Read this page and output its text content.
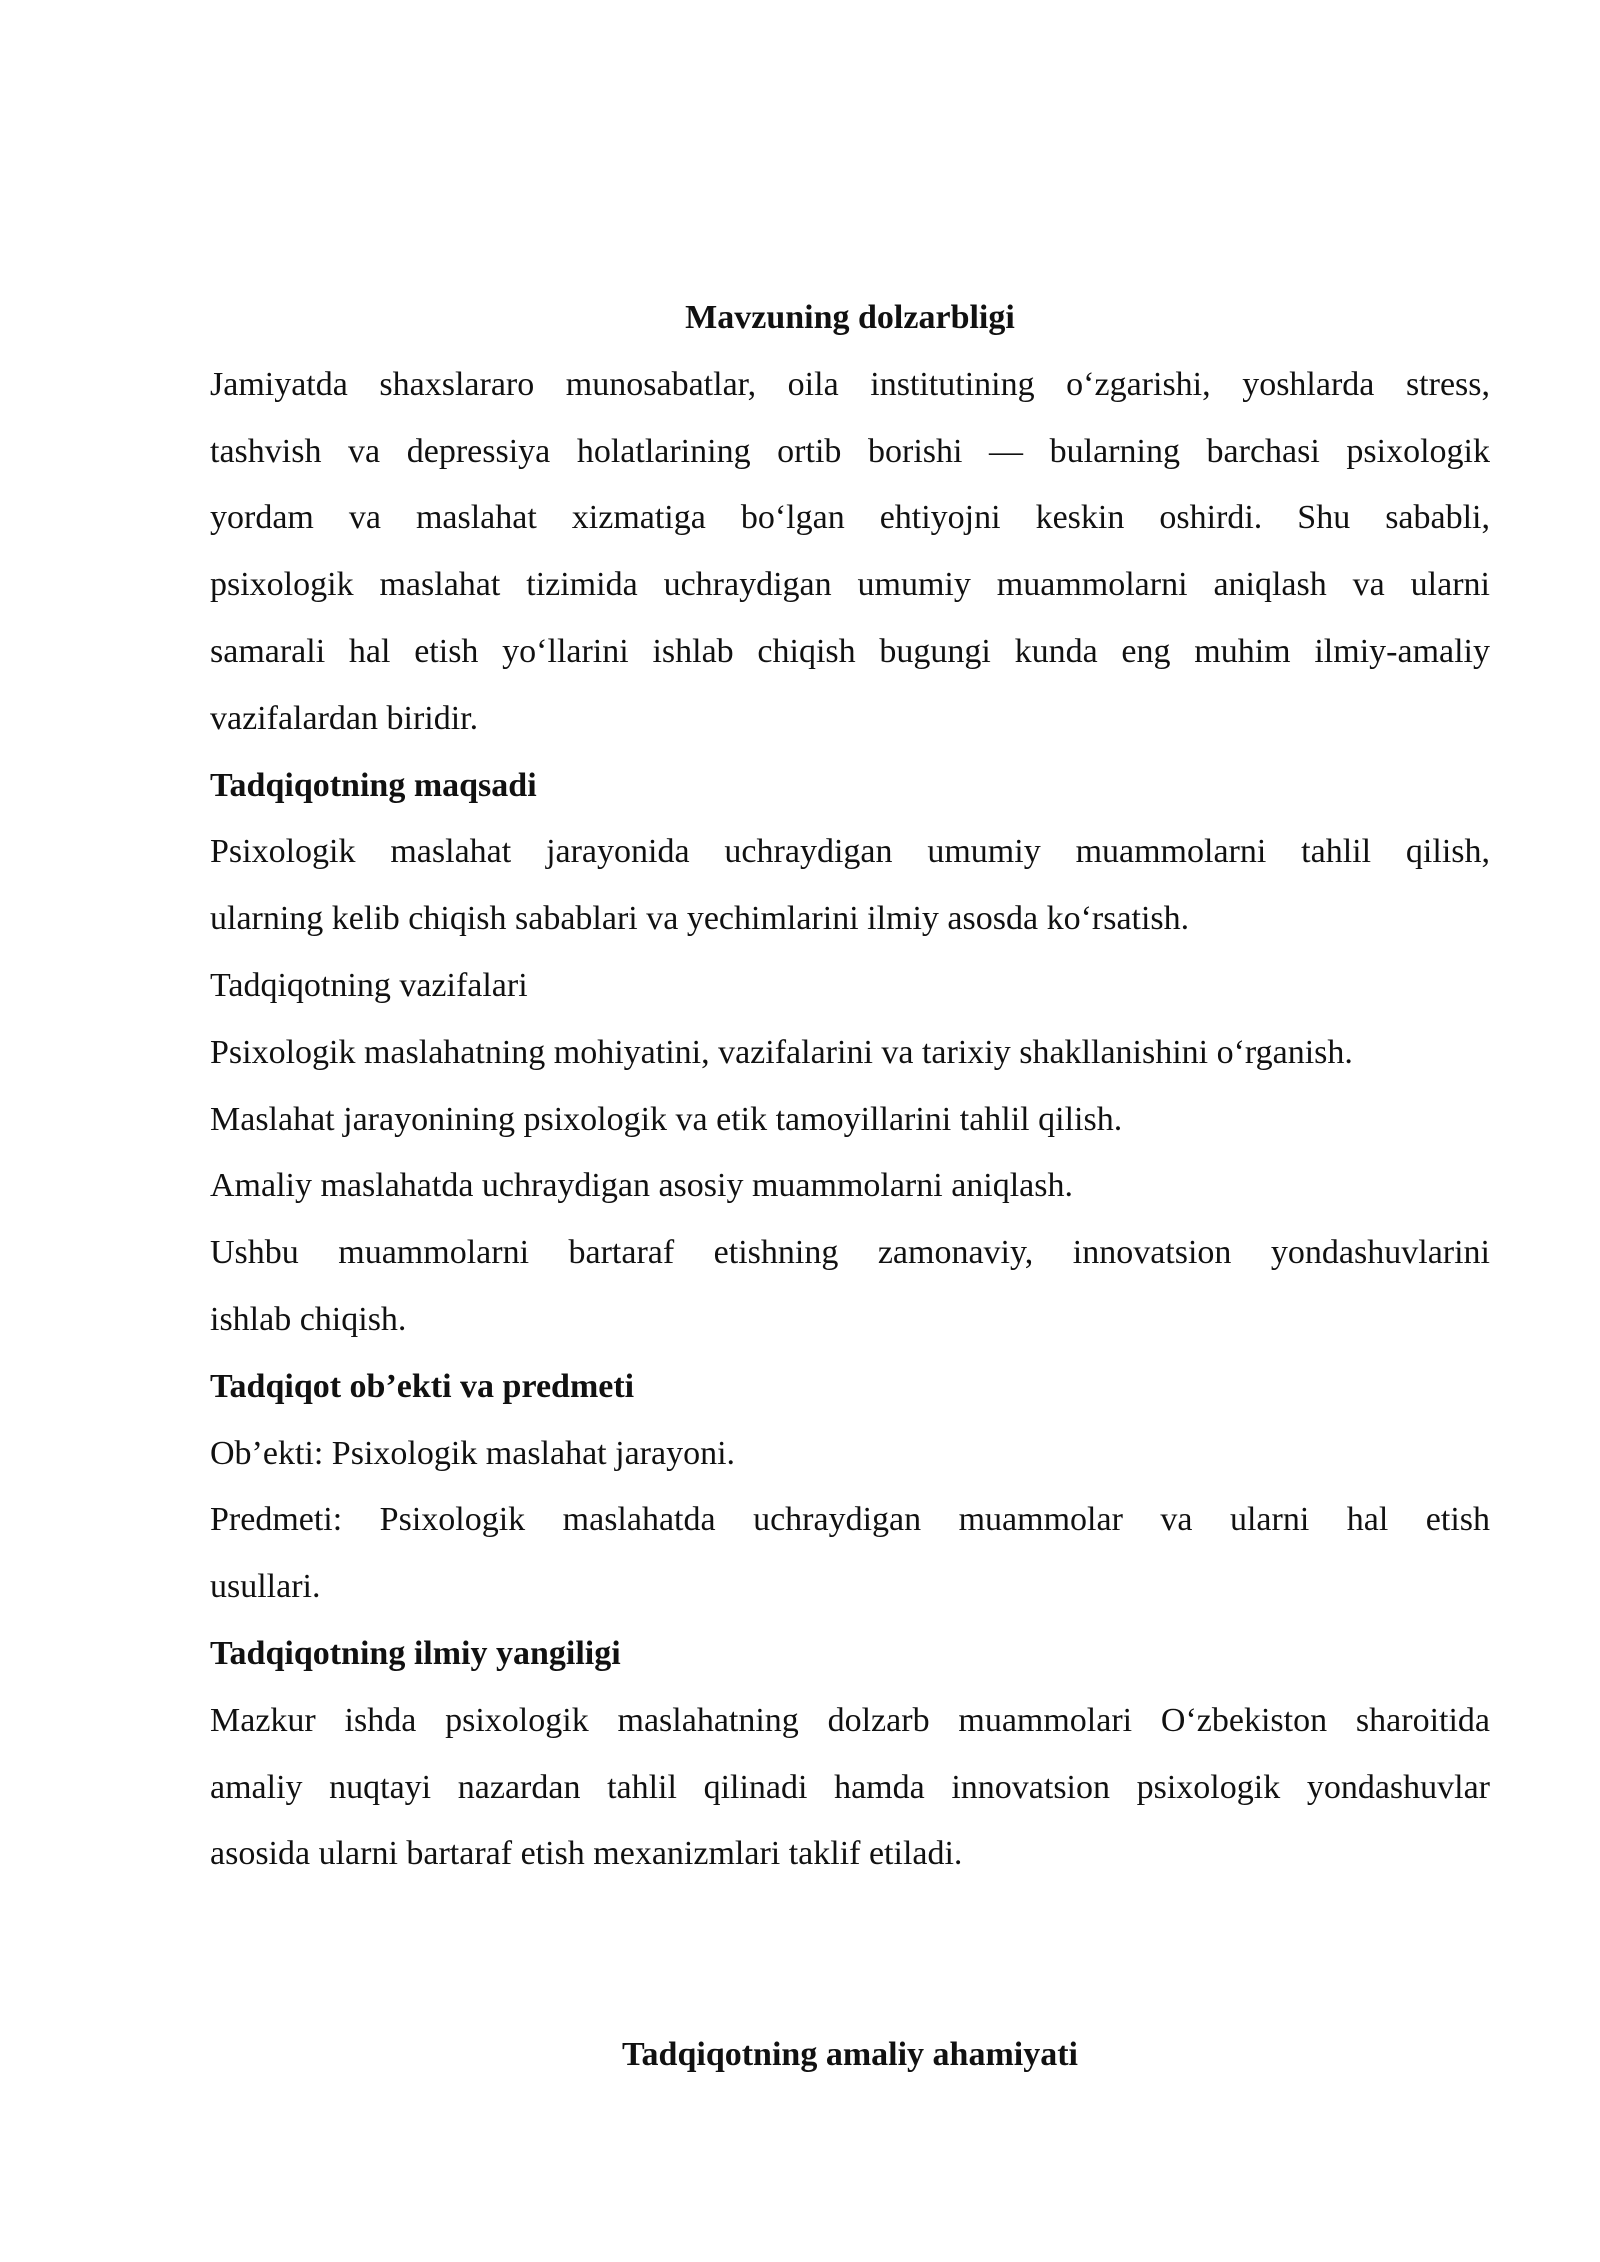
Mavzuning dolzarbligi
Jamiyatda shaxslararo munosabatlar, oila institutining o‘zgarishi, yoshlarda stress,
tashvish va depressiya holatlarining ortib borishi — bularning barchasi psixologik
yordam va maslahat xizmatiga bo‘lgan ehtiyojni keskin oshirdi. Shu sababli,
psixologik maslahat tizimida uchraydigan umumiy muammolarni aniqlash va ularni
samarali hal etish yo‘llarini ishlab chiqish bugungi kunda eng muhim ilmiy-amaliy
vazifalardan biridir.
Tadqiqotning maqsadi
Psixologik maslahat jarayonida uchraydigan umumiy muammolarni tahlil qilish,
ularning kelib chiqish sabablari va yechimlarini ilmiy asosda ko‘rsatish.
Tadqiqotning vazifalari
Psixologik maslahatning mohiyatini, vazifalarini va tarixiy shakllanishini o‘rganish.
Maslahat jarayonining psixologik va etik tamoyillarini tahlil qilish.
Amaliy maslahatda uchraydigan asosiy muammolarni aniqlash.
Ushbu muammolarni bartaraf etishning zamonaviy, innovatsion yondashuvlarini
ishlab chiqish.
Tadqiqot ob’ekti va predmeti
Ob’ekti: Psixologik maslahat jarayoni.
Predmeti: Psixologik maslahatda uchraydigan muammolar va ularni hal etish
usullari.
Tadqiqotning ilmiy yangiligi
Mazkur ishda psixologik maslahatning dolzarb muammolari O‘zbekiston sharoitida
amaliy nuqtayi nazardan tahlil qilinadi hamda innovatsion psixologik yondashuvlar
asosida ularni bartaraf etish mexanizmlari taklif etiladi.
Tadqiqotning amaliy ahamiyati
